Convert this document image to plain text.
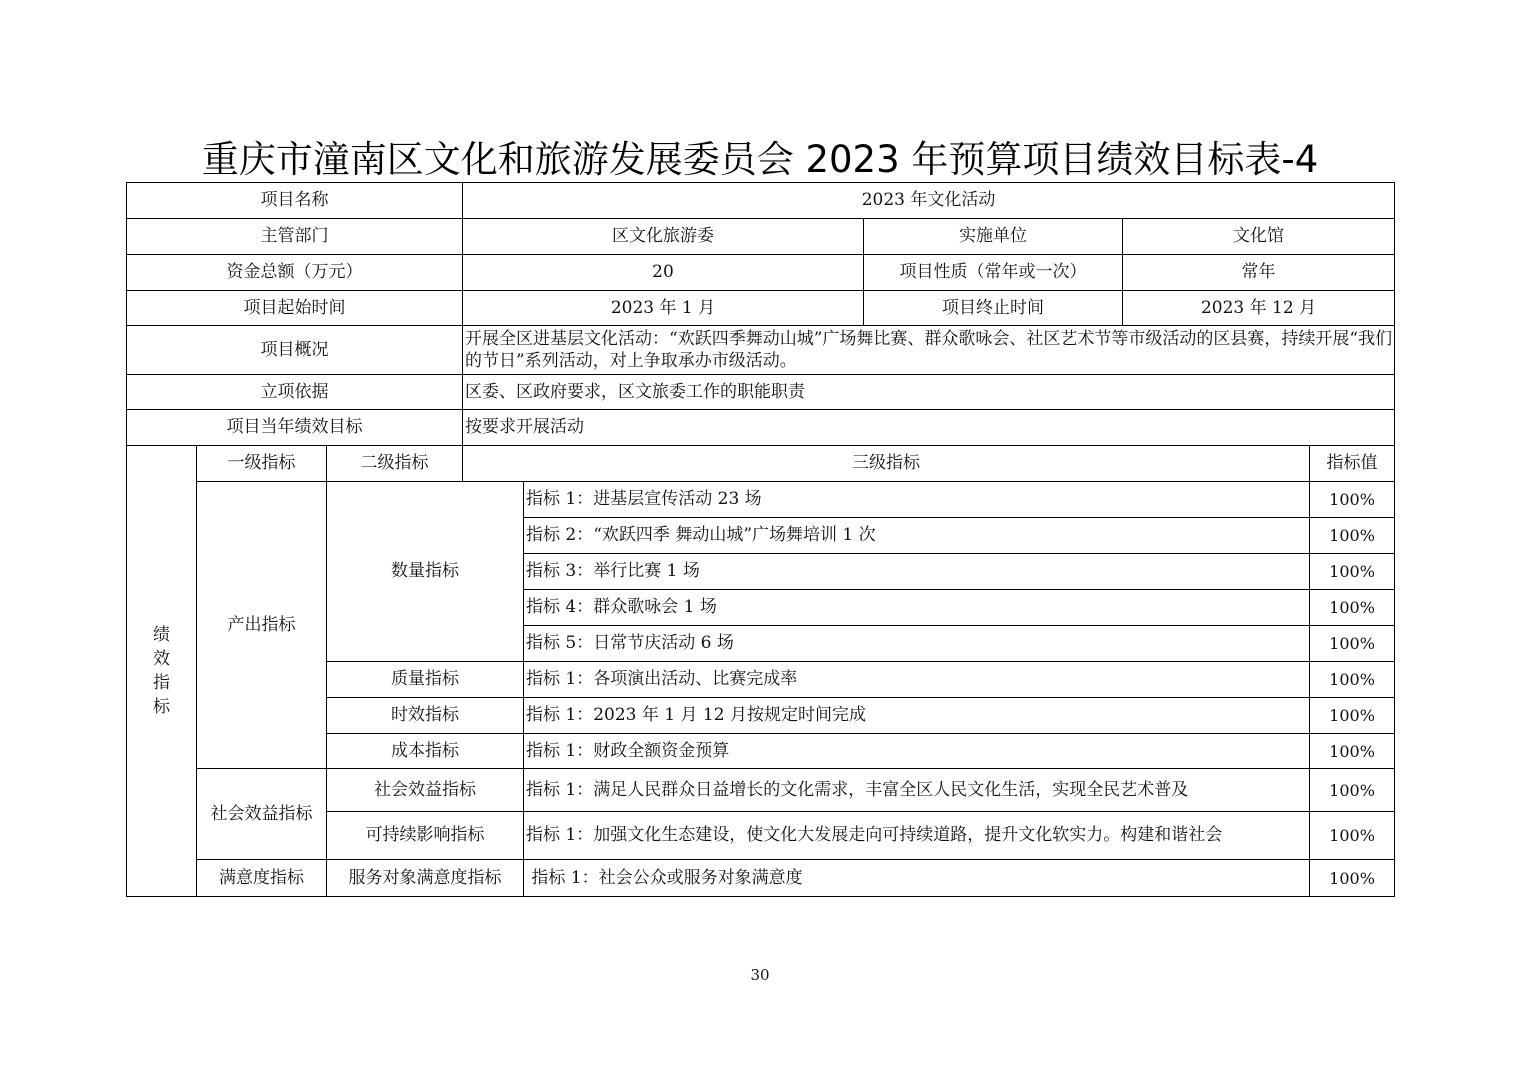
重庆市潼南区文化和旅游发展委员会 2023 年预算项目绩效目标表-4
项目名称			2023 年文化活动				
主管部门			区文化旅游委		实施单位	文化馆	
资金总额（万元）			20		项目性质（常年或一次）	常年	
项目起始时间			2023 年 1 月		项目终止时间	2023 年 12 月	
项目概况			开展全区进基层文化活动：“欢跃四季舞动山城”广场舞比赛、群众歌咏会、社区艺术节等市级活动的区县赛，持续开展“我们的节日”系列活动，对上争取承办市级活动。				
立项依据			区委、区政府要求，区文旅委工作的职能职责				
项目当年绩效目标			按要求开展活动				
绩效指标	一级指标	二级指标	三级指标				指标值
	产出指标	数量指标		指标 1：进基层宣传活动 23 场			100%
				指标 2：“欢跃四季 舞动山城”广场舞培训 1 次			100%
				指标 3：举行比赛 1 场			100%
				指标 4：群众歌咏会 1 场			100%
				指标 5：日常节庆活动 6 场			100%
		质量指标		指标 1：各项演出活动、比赛完成率			100%
		时效指标		指标 1：2023 年 1 月 12 月按规定时间完成			100%
		成本指标		指标 1：财政全额资金预算			100%
	社会效益指标	社会效益指标		指标 1：满足人民群众日益增长的文化需求，丰富全区人民文化生活，实现全民艺术普及			100%
		可持续影响指标		指标 1：加强文化生态建设，使文化大发展走向可持续道路，提升文化软实力。构建和谐社会			100%
	满意度指标	服务对象满意度指标		指标 1：社会公众或服务对象满意度			100%
30
